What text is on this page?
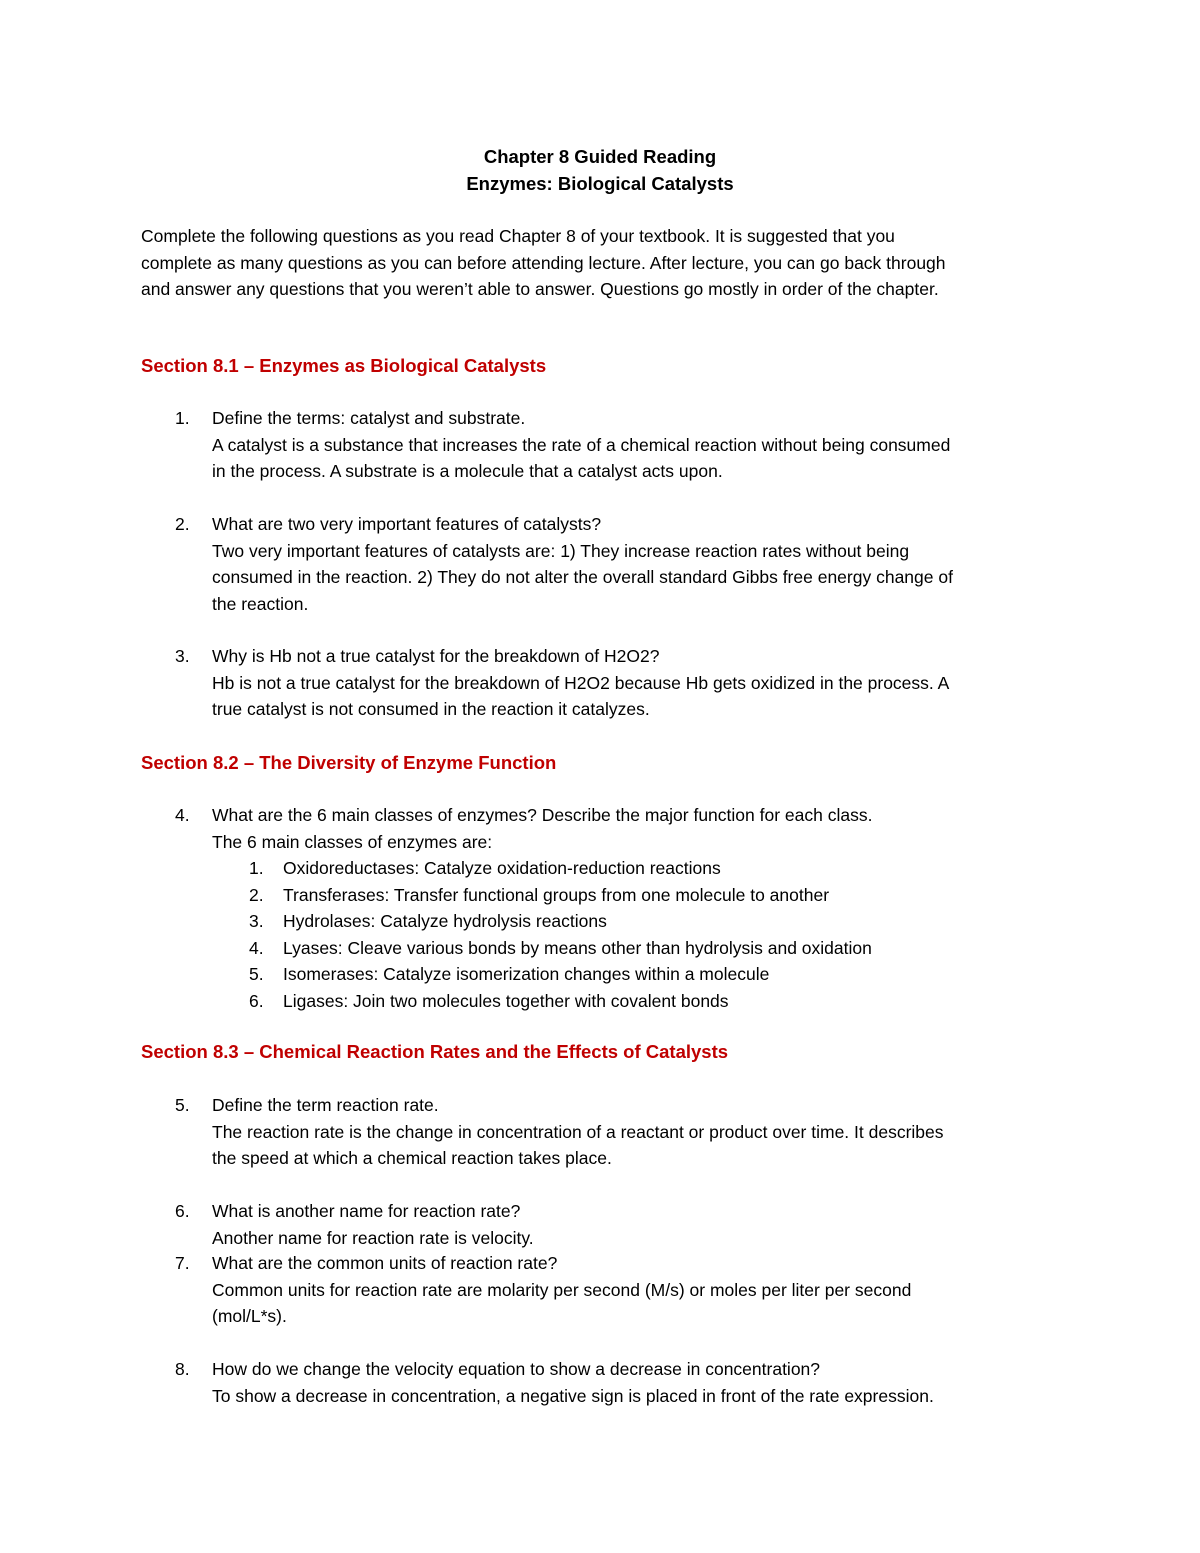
Chapter 8 Guided Reading
Enzymes: Biological Catalysts
Complete the following questions as you read Chapter 8 of your textbook. It is suggested that you
complete as many questions as you can before attending lecture. After lecture, you can go back through
and answer any questions that you weren’t able to answer. Questions go mostly in order of the chapter.
Section 8.1 – Enzymes as Biological Catalysts
1. Define the terms: catalyst and substrate.
A catalyst is a substance that increases the rate of a chemical reaction without being consumed
in the process. A substrate is a molecule that a catalyst acts upon.
2. What are two very important features of catalysts?
Two very important features of catalysts are: 1) They increase reaction rates without being
consumed in the reaction. 2) They do not alter the overall standard Gibbs free energy change of
the reaction.
3. Why is Hb not a true catalyst for the breakdown of H2O2?
Hb is not a true catalyst for the breakdown of H2O2 because Hb gets oxidized in the process. A
true catalyst is not consumed in the reaction it catalyzes.
Section 8.2 – The Diversity of Enzyme Function
4. What are the 6 main classes of enzymes? Describe the major function for each class.
The 6 main classes of enzymes are:
1. Oxidoreductases: Catalyze oxidation-reduction reactions
2. Transferases: Transfer functional groups from one molecule to another
3. Hydrolases: Catalyze hydrolysis reactions
4. Lyases: Cleave various bonds by means other than hydrolysis and oxidation
5. Isomerases: Catalyze isomerization changes within a molecule
6. Ligases: Join two molecules together with covalent bonds
Section 8.3 – Chemical Reaction Rates and the Effects of Catalysts
5. Define the term reaction rate.
The reaction rate is the change in concentration of a reactant or product over time. It describes
the speed at which a chemical reaction takes place.
6. What is another name for reaction rate?
Another name for reaction rate is velocity.
7. What are the common units of reaction rate?
Common units for reaction rate are molarity per second (M/s) or moles per liter per second
(mol/L*s).
8. How do we change the velocity equation to show a decrease in concentration?
To show a decrease in concentration, a negative sign is placed in front of the rate expression.
